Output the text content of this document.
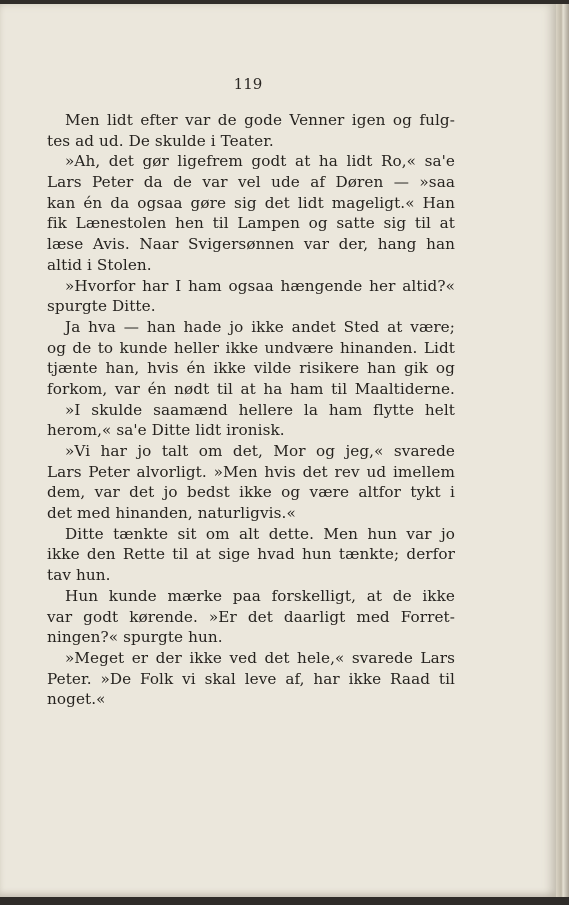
119
Men lidt efter var de gode Venner igen og fulg-
tes ad ud. De skulde i Teater.
»Ah, det gør ligefrem godt at ha lidt Ro,« sa'e
Lars Peter da de var vel ude af Døren — »saa
kan én da ogsaa gøre sig det lidt mageligt.« Han
fik Lænestolen hen til Lampen og satte sig til at
læse Avis. Naar Svigersønnen var der, hang han
altid i Stolen.
»Hvorfor har I ham ogsaa hængende her altid?«
spurgte Ditte.
Ja hva — han hade jo ikke andet Sted at være;
og de to kunde heller ikke undvære hinanden. Lidt
tjænte han, hvis én ikke vilde risikere han gik og
forkom, var én nødt til at ha ham til Maaltiderne.
»I skulde saamænd hellere la ham flytte helt
herom,« sa'e Ditte lidt ironisk.
»Vi har jo talt om det, Mor og jeg,« svarede
Lars Peter alvorligt. »Men hvis det rev ud imellem
dem, var det jo bedst ikke og være altfor tykt i
det med hinanden, naturligvis.«
Ditte tænkte sit om alt dette. Men hun var jo
ikke den Rette til at sige hvad hun tænkte; derfor
tav hun.
Hun kunde mærke paa forskelligt, at de ikke
var godt kørende. »Er det daarligt med Forret-
ningen?« spurgte hun.
»Meget er der ikke ved det hele,« svarede Lars
Peter. »De Folk vi skal leve af, har ikke Raad til
noget.«
